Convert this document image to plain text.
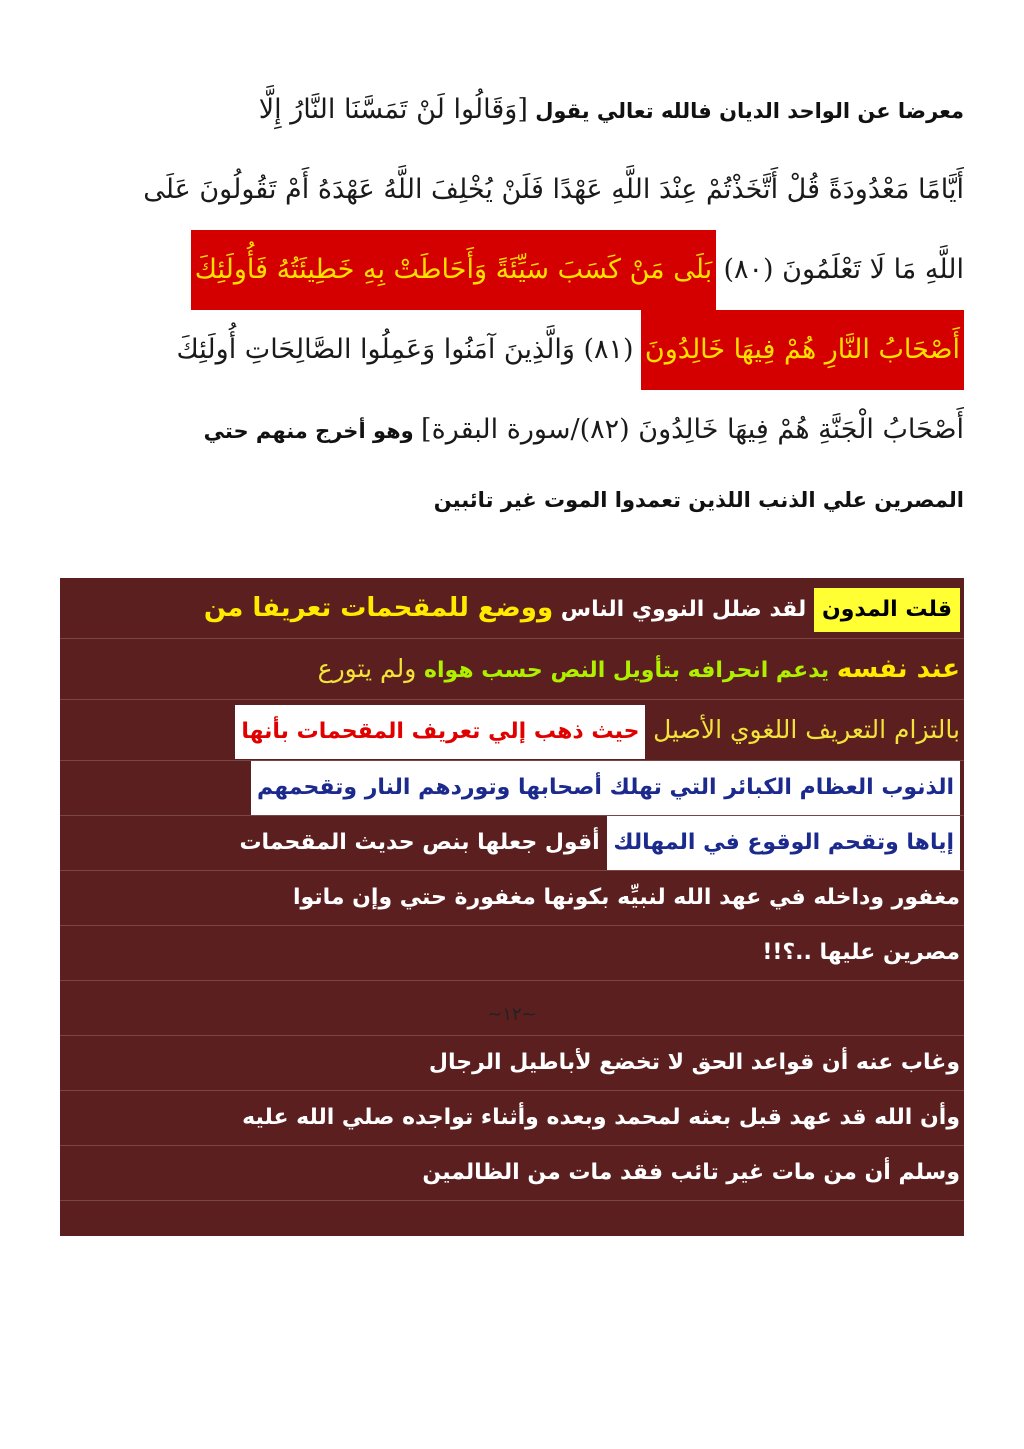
معرضا عن الواحد الديان فالله تعالي يقول [وَقَالُوا لَنْ تَمَسَّنَا النَّارُ إِلَّا
أَيَّامًا مَعْدُودَةً قُلْ أَتَّخَذْتُمْ عِنْدَ اللَّهِ عَهْدًا فَلَنْ يُخْلِفَ اللَّهُ عَهْدَهُ أَمْ تَقُولُونَ عَلَى
اللَّهِ مَا لَا تَعْلَمُونَ (٨٠) بَلَى مَنْ كَسَبَ سَيِّئَةً وَأَحَاطَتْ بِهِ خَطِيئَتُهُ فَأُولَئِكَ
أَصْحَابُ النَّارِ هُمْ فِيهَا خَالِدُونَ (٨١) وَالَّذِينَ آمَنُوا وَعَمِلُوا الصَّالِحَاتِ أُولَئِكَ
أَصْحَابُ الْجَنَّةِ هُمْ فِيهَا خَالِدُونَ (٨٢)/سورة البقرة] وهو أخرج منهم حتي
المصرين علي الذنب اللذين تعمدوا الموت غير تائبين
قلت المدون لقد ضلل النووي الناس ووضع للمقحمات تعريفا من
عند نفسه يدعم انحرافه بتأويل النص حسب هواه ولم يتورع
بالتزام التعريف اللغوي الأصيل حيث ذهب إلي تعريف المقحمات بأنها
الذنوب العظام الكبائر التي تهلك أصحابها وتوردهم النار وتقحمهم
إياها وتقحم الوقوع في المهالك أقول جعلها بنص حديث المقحمات
مغفور وداخله في عهد الله لنبيِّه بكونها مغفورة حتي وإن ماتوا
مصرين عليها ..؟!!
وغاب عنه أن قواعد الحق لا تخضع لأباطيل الرجال
وأن الله قد عهد قبل بعثه لمحمد وبعده وأثناء تواجده صلي الله عليه
وسلم أن من مات غير تائب فقد مات من الظالمين
~١٢~
